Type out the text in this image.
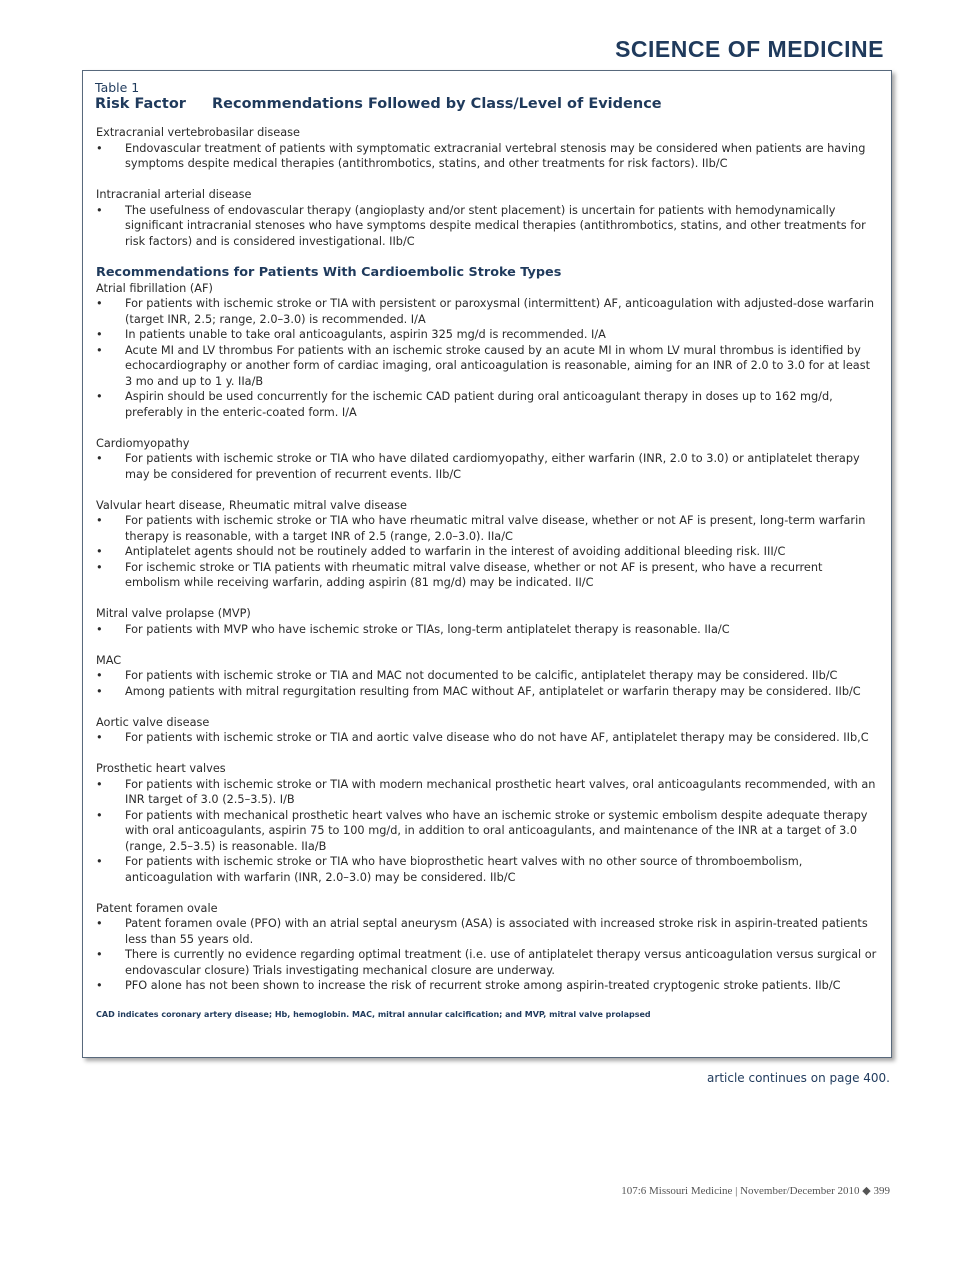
SCIENCE OF MEDICINE
Table 1
Risk Factor Recommendations Followed by Class/Level of Evidence
Extracranial vertebrobasilar disease
• Endovascular treatment of patients with symptomatic extracranial vertebral stenosis may be considered when patients are having symptoms despite medical therapies (antithrombotics, statins, and other treatments for risk factors). IIb/C
Intracranial arterial disease
• The usefulness of endovascular therapy (angioplasty and/or stent placement) is uncertain for patients with hemodynamically significant intracranial stenoses who have symptoms despite medical therapies (antithrombotics, statins, and other treatments for risk factors) and is considered investigational. IIb/C
Recommendations for Patients With Cardioembolic Stroke Types
Atrial fibrillation (AF)
• For patients with ischemic stroke or TIA with persistent or paroxysmal (intermittent) AF, anticoagulation with adjusted-dose warfarin (target INR, 2.5; range, 2.0–3.0) is recommended. I/A
• In patients unable to take oral anticoagulants, aspirin 325 mg/d is recommended. I/A
• Acute MI and LV thrombus For patients with an ischemic stroke caused by an acute MI in whom LV mural thrombus is identified by echocardiography or another form of cardiac imaging, oral anticoagulation is reasonable, aiming for an INR of 2.0 to 3.0 for at least 3 mo and up to 1 y. IIa/B
• Aspirin should be used concurrently for the ischemic CAD patient during oral anticoagulant therapy in doses up to 162 mg/d, preferably in the enteric-coated form. I/A
Cardiomyopathy
• For patients with ischemic stroke or TIA who have dilated cardiomyopathy, either warfarin (INR, 2.0 to 3.0) or antiplatelet therapy may be considered for prevention of recurrent events. IIb/C
Valvular heart disease, Rheumatic mitral valve disease
• For patients with ischemic stroke or TIA who have rheumatic mitral valve disease, whether or not AF is present, long-term warfarin therapy is reasonable, with a target INR of 2.5 (range, 2.0–3.0). IIa/C
• Antiplatelet agents should not be routinely added to warfarin in the interest of avoiding additional bleeding risk. III/C
• For ischemic stroke or TIA patients with rheumatic mitral valve disease, whether or not AF is present, who have a recurrent embolism while receiving warfarin, adding aspirin (81 mg/d) may be indicated. II/C
Mitral valve prolapse (MVP)
• For patients with MVP who have ischemic stroke or TIAs, long-term antiplatelet therapy is reasonable. IIa/C
MAC
• For patients with ischemic stroke or TIA and MAC not documented to be calcific, antiplatelet therapy may be considered. IIb/C
• Among patients with mitral regurgitation resulting from MAC without AF, antiplatelet or warfarin therapy may be considered. IIb/C
Aortic valve disease
• For patients with ischemic stroke or TIA and aortic valve disease who do not have AF, antiplatelet therapy may be considered. IIb,C
Prosthetic heart valves
• For patients with ischemic stroke or TIA with modern mechanical prosthetic heart valves, oral anticoagulants recommended, with an INR target of 3.0 (2.5–3.5). I/B
• For patients with mechanical prosthetic heart valves who have an ischemic stroke or systemic embolism despite adequate therapy with oral anticoagulants, aspirin 75 to 100 mg/d, in addition to oral anticoagulants, and maintenance of the INR at a target of 3.0 (range, 2.5–3.5) is reasonable. IIa/B
• For patients with ischemic stroke or TIA who have bioprosthetic heart valves with no other source of thromboembolism, anticoagulation with warfarin (INR, 2.0–3.0) may be considered. IIb/C
Patent foramen ovale
• Patent foramen ovale (PFO) with an atrial septal aneurysm (ASA) is associated with increased stroke risk in aspirin-treated patients less than 55 years old.
• There is currently no evidence regarding optimal treatment (i.e. use of antiplatelet therapy versus anticoagulation versus surgical or endovascular closure) Trials investigating mechanical closure are underway.
• PFO alone has not been shown to increase the risk of recurrent stroke among aspirin-treated cryptogenic stroke patients. IIb/C
CAD indicates coronary artery disease; Hb, hemoglobin. MAC, mitral annular calcification; and MVP, mitral valve prolapsed
article continues on page 400.
107:6 Missouri Medicine | November/December 2010 ◆ 399
